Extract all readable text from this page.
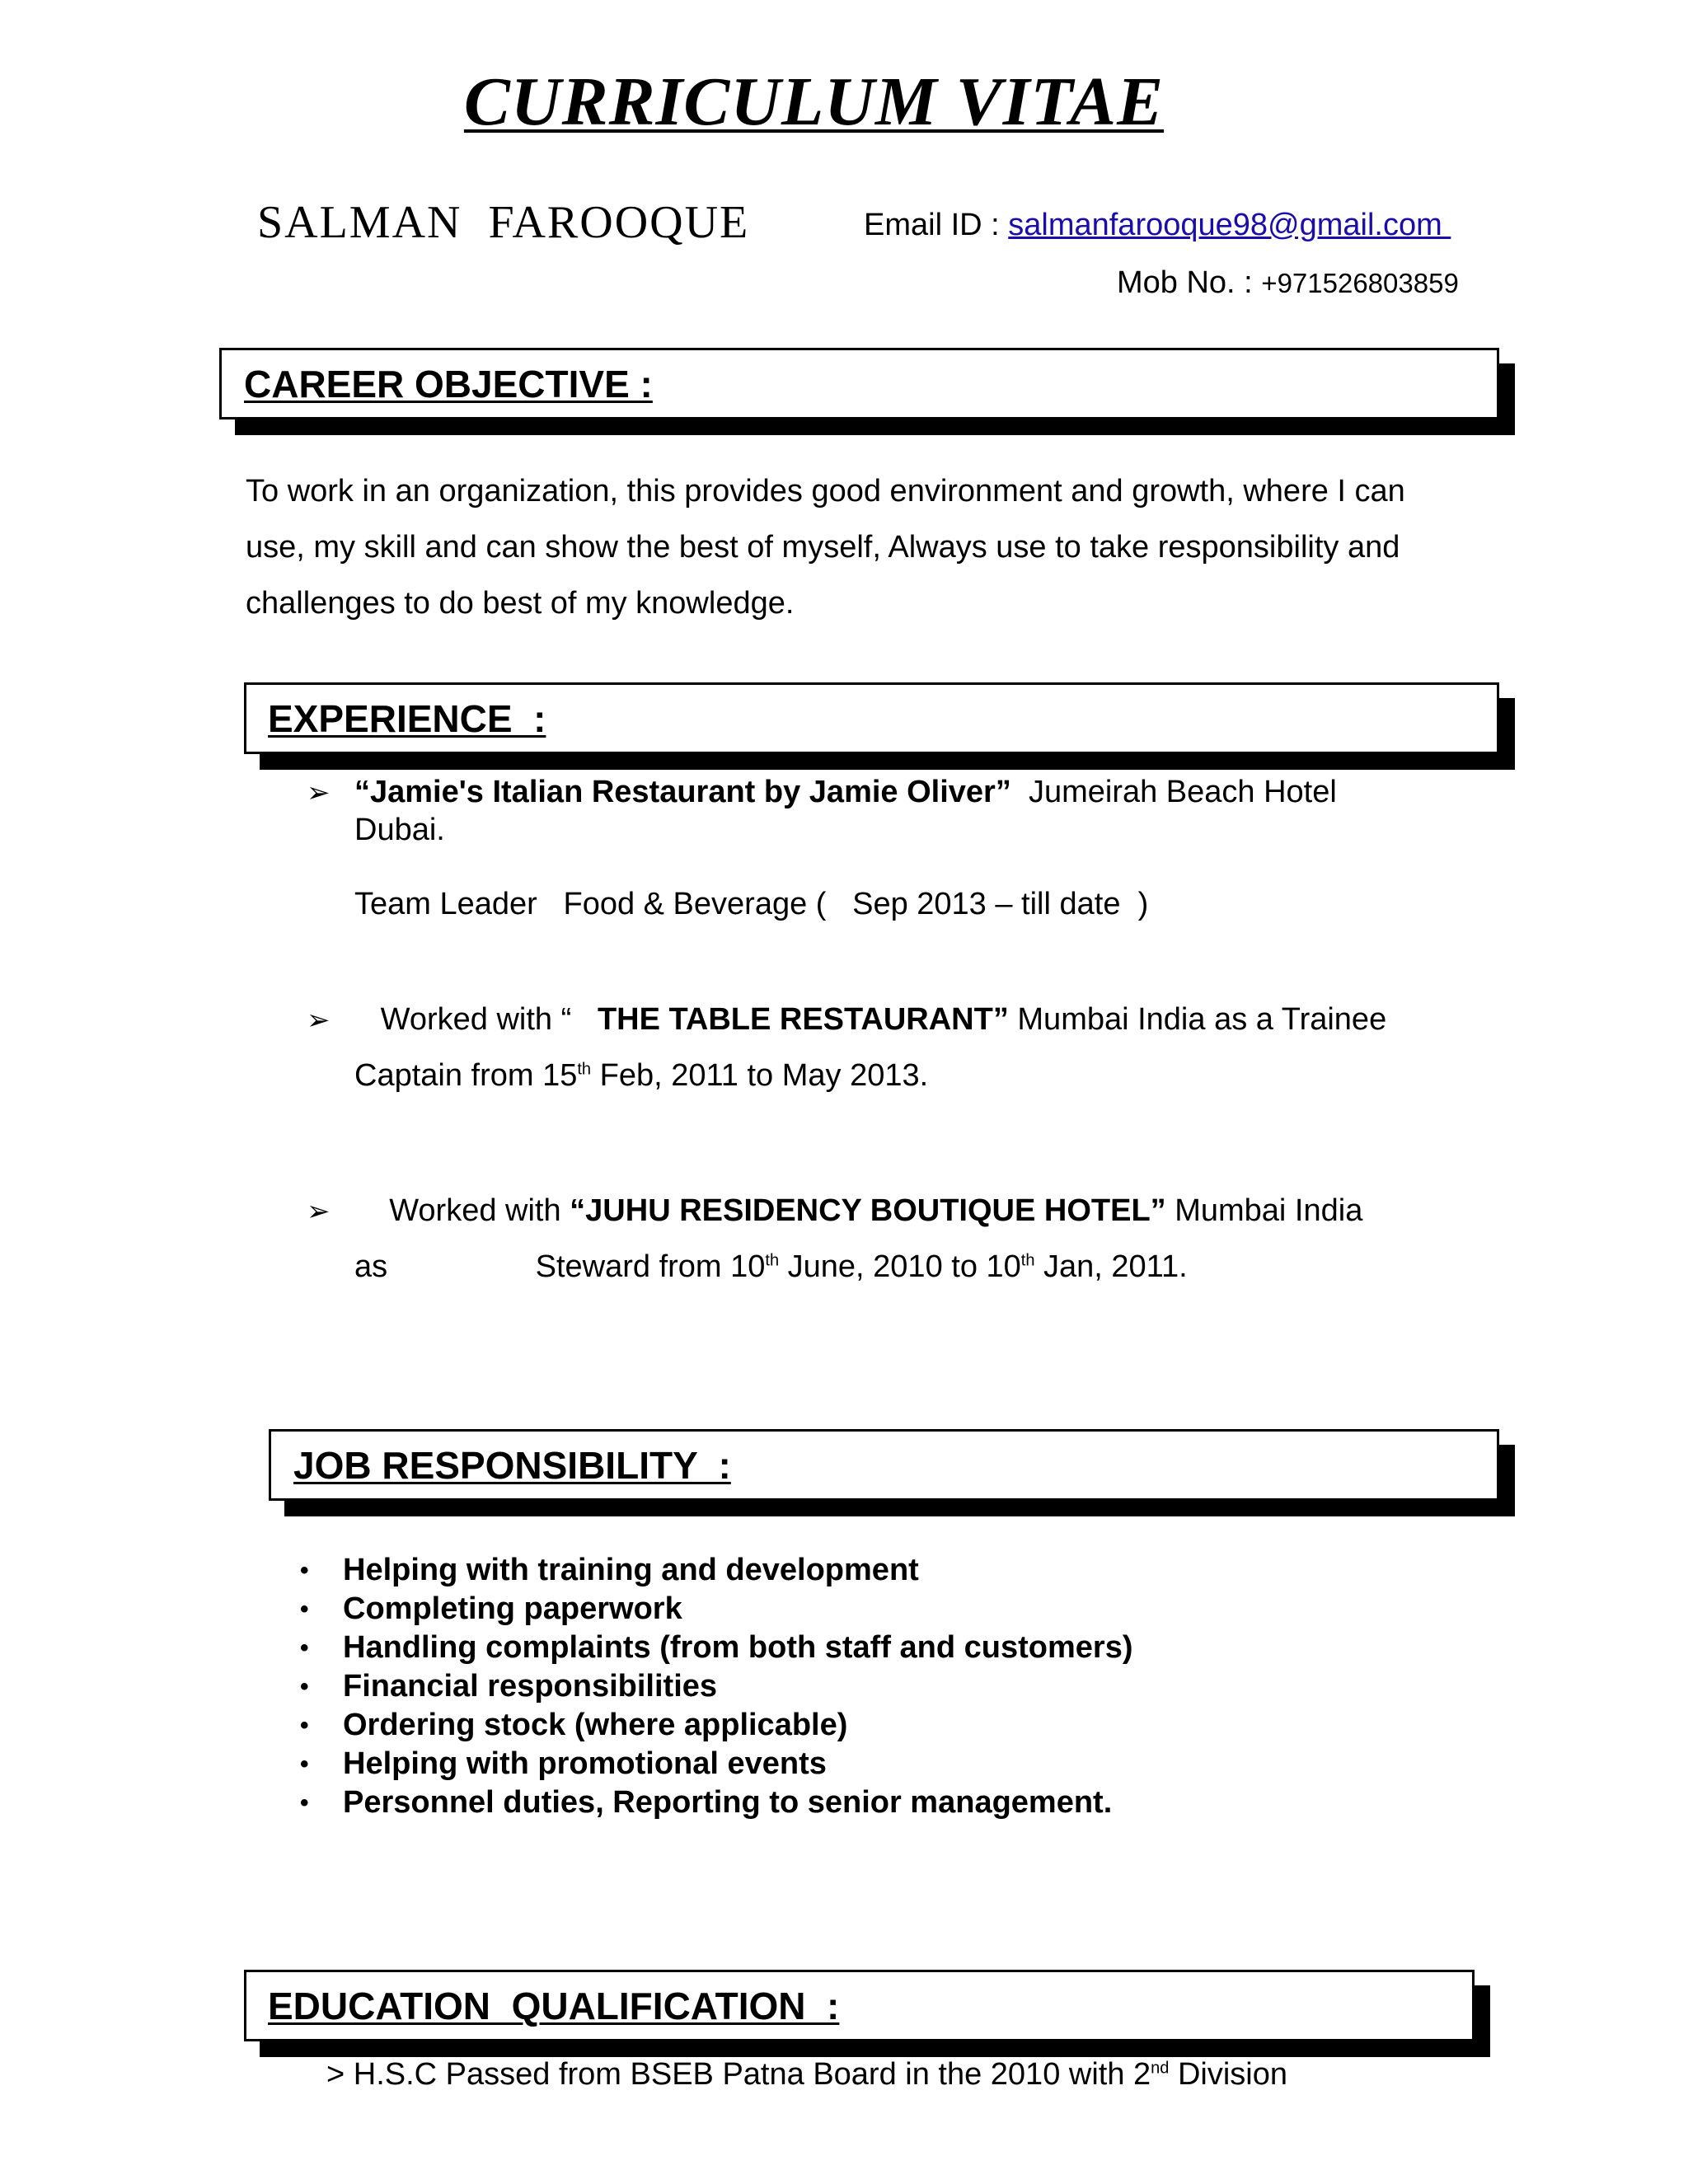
CURRICULUM VITAE
SALMAN  FAROOQUE	Email ID : salmanfarooque98@gmail.com
Mob No. : +971526803859
CAREER OBJECTIVE :
To work in an organization, this provides good environment and growth, where I can
use, my skill and can show the best of myself, Always use to take responsibility and
challenges to do best of my knowledge.
EXPERIENCE  :
➢ “Jamie's Italian Restaurant by Jamie Oliver”  Jumeirah Beach Hotel
Dubai.
Team Leader   Food & Beverage (   Sep 2013 – till date  )
➢ Worked with “   THE TABLE RESTAURANT” Mumbai India as a Trainee
Captain from 15th Feb, 2011 to May 2013.
➢ Worked with “JUHU RESIDENCY BOUTIQUE HOTEL” Mumbai India
as                 Steward from 10th June, 2010 to 10th Jan, 2011.
JOB RESPONSIBILITY  :
• Helping with training and development
• Completing paperwork
• Handling complaints (from both staff and customers)
• Financial responsibilities
• Ordering stock (where applicable)
• Helping with promotional events
• Personnel duties, Reporting to senior management.
EDUCATION  QUALIFICATION  :
> H.S.C Passed from BSEB Patna Board in the 2010 with 2nd Division
